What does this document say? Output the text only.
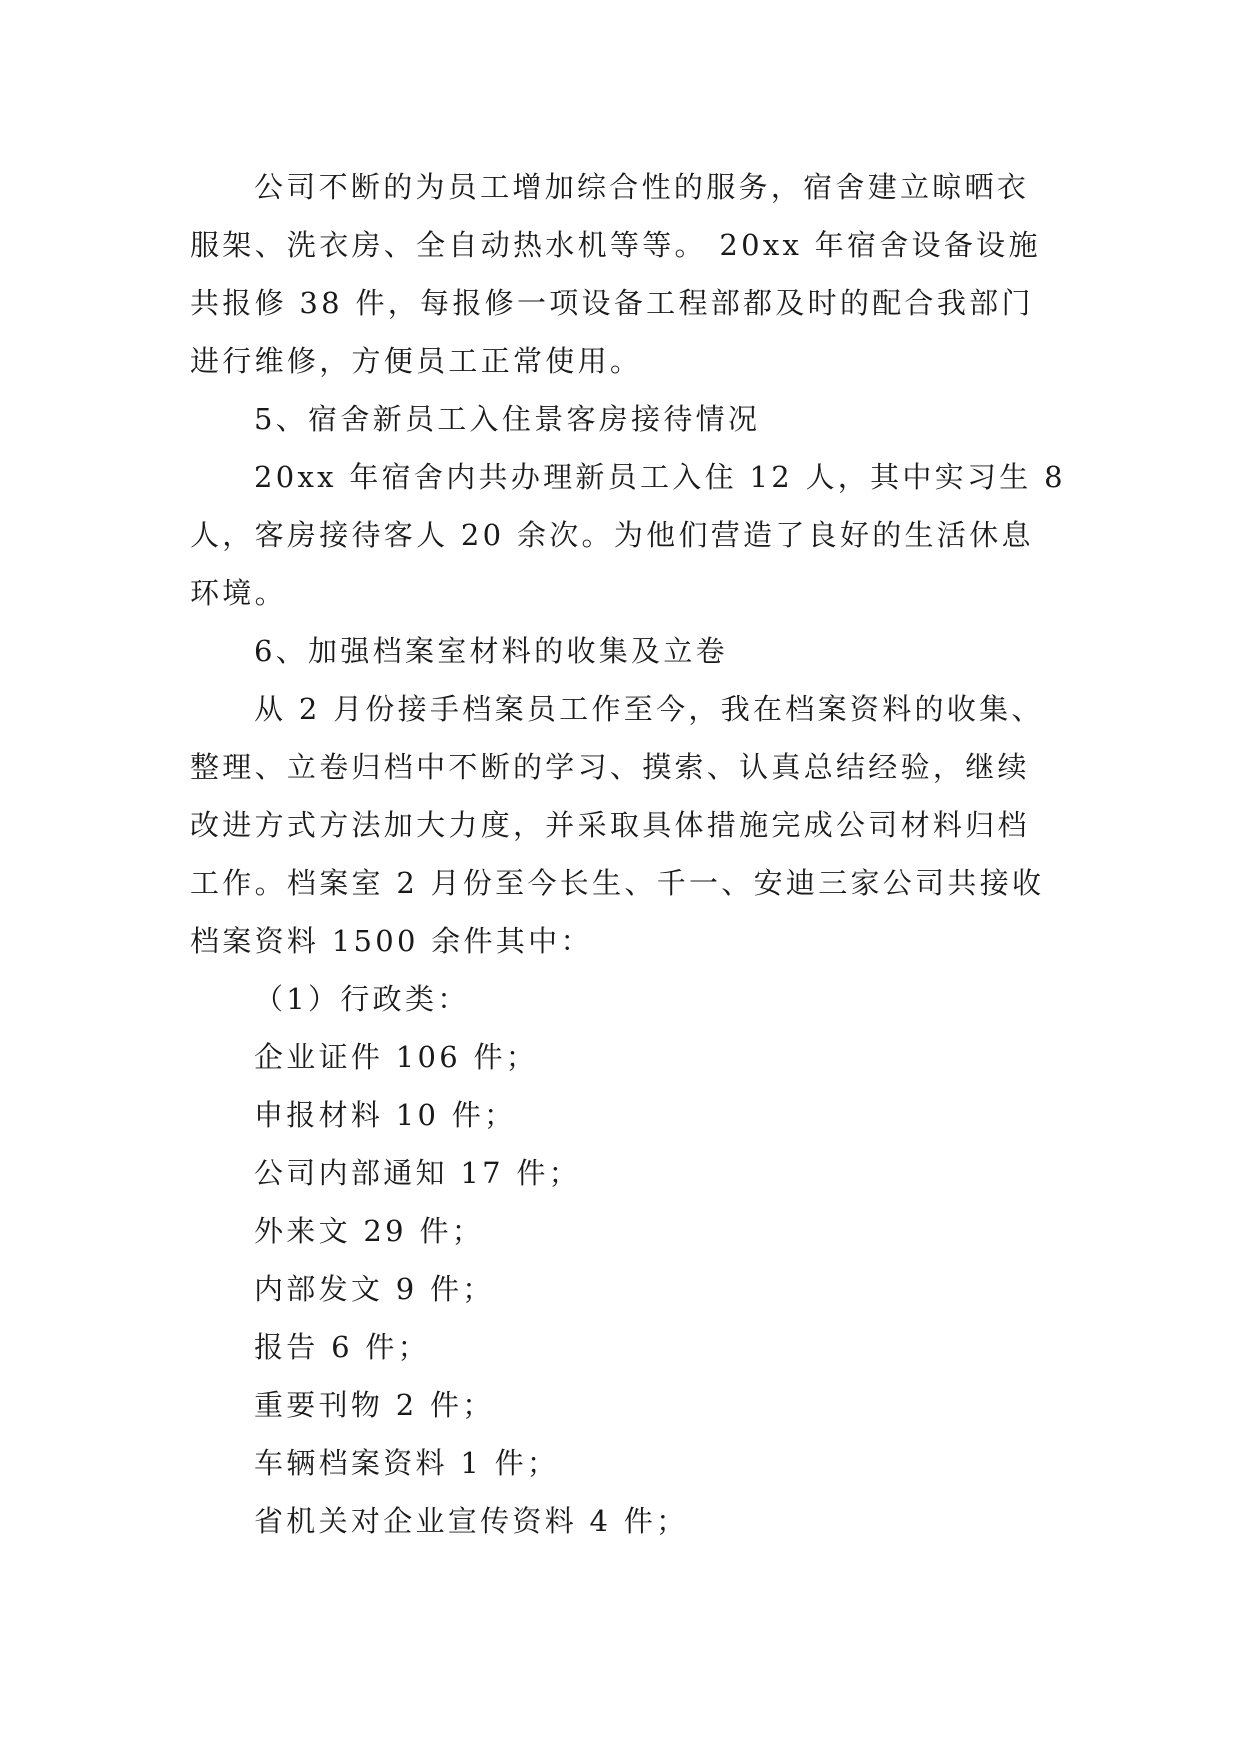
公司不断的为员工增加综合性的服务，宿舍建立晾晒衣
服架、洗衣房、全自动热水机等等。 20xx 年宿舍设备设施
共报修 38 件，每报修一项设备工程部都及时的配合我部门
进行维修，方便员工正常使用。
5、宿舍新员工入住景客房接待情况
20xx 年宿舍内共办理新员工入住 12 人，其中实习生 8
人，客房接待客人 20 余次。为他们营造了良好的生活休息
环境。
6、加强档案室材料的收集及立卷
从 2 月份接手档案员工作至今，我在档案资料的收集、
整理、立卷归档中不断的学习、摸索、认真总结经验，继续
改进方式方法加大力度，并采取具体措施完成公司材料归档
工作。档案室 2 月份至今长生、千一、安迪三家公司共接收
档案资料 1500 余件其中：
（1）行政类：
企业证件 106 件；
申报材料 10 件；
公司内部通知 17 件；
外来文 29 件；
内部发文 9 件；
报告 6 件；
重要刊物 2 件；
车辆档案资料 1 件；
省机关对企业宣传资料 4 件；
